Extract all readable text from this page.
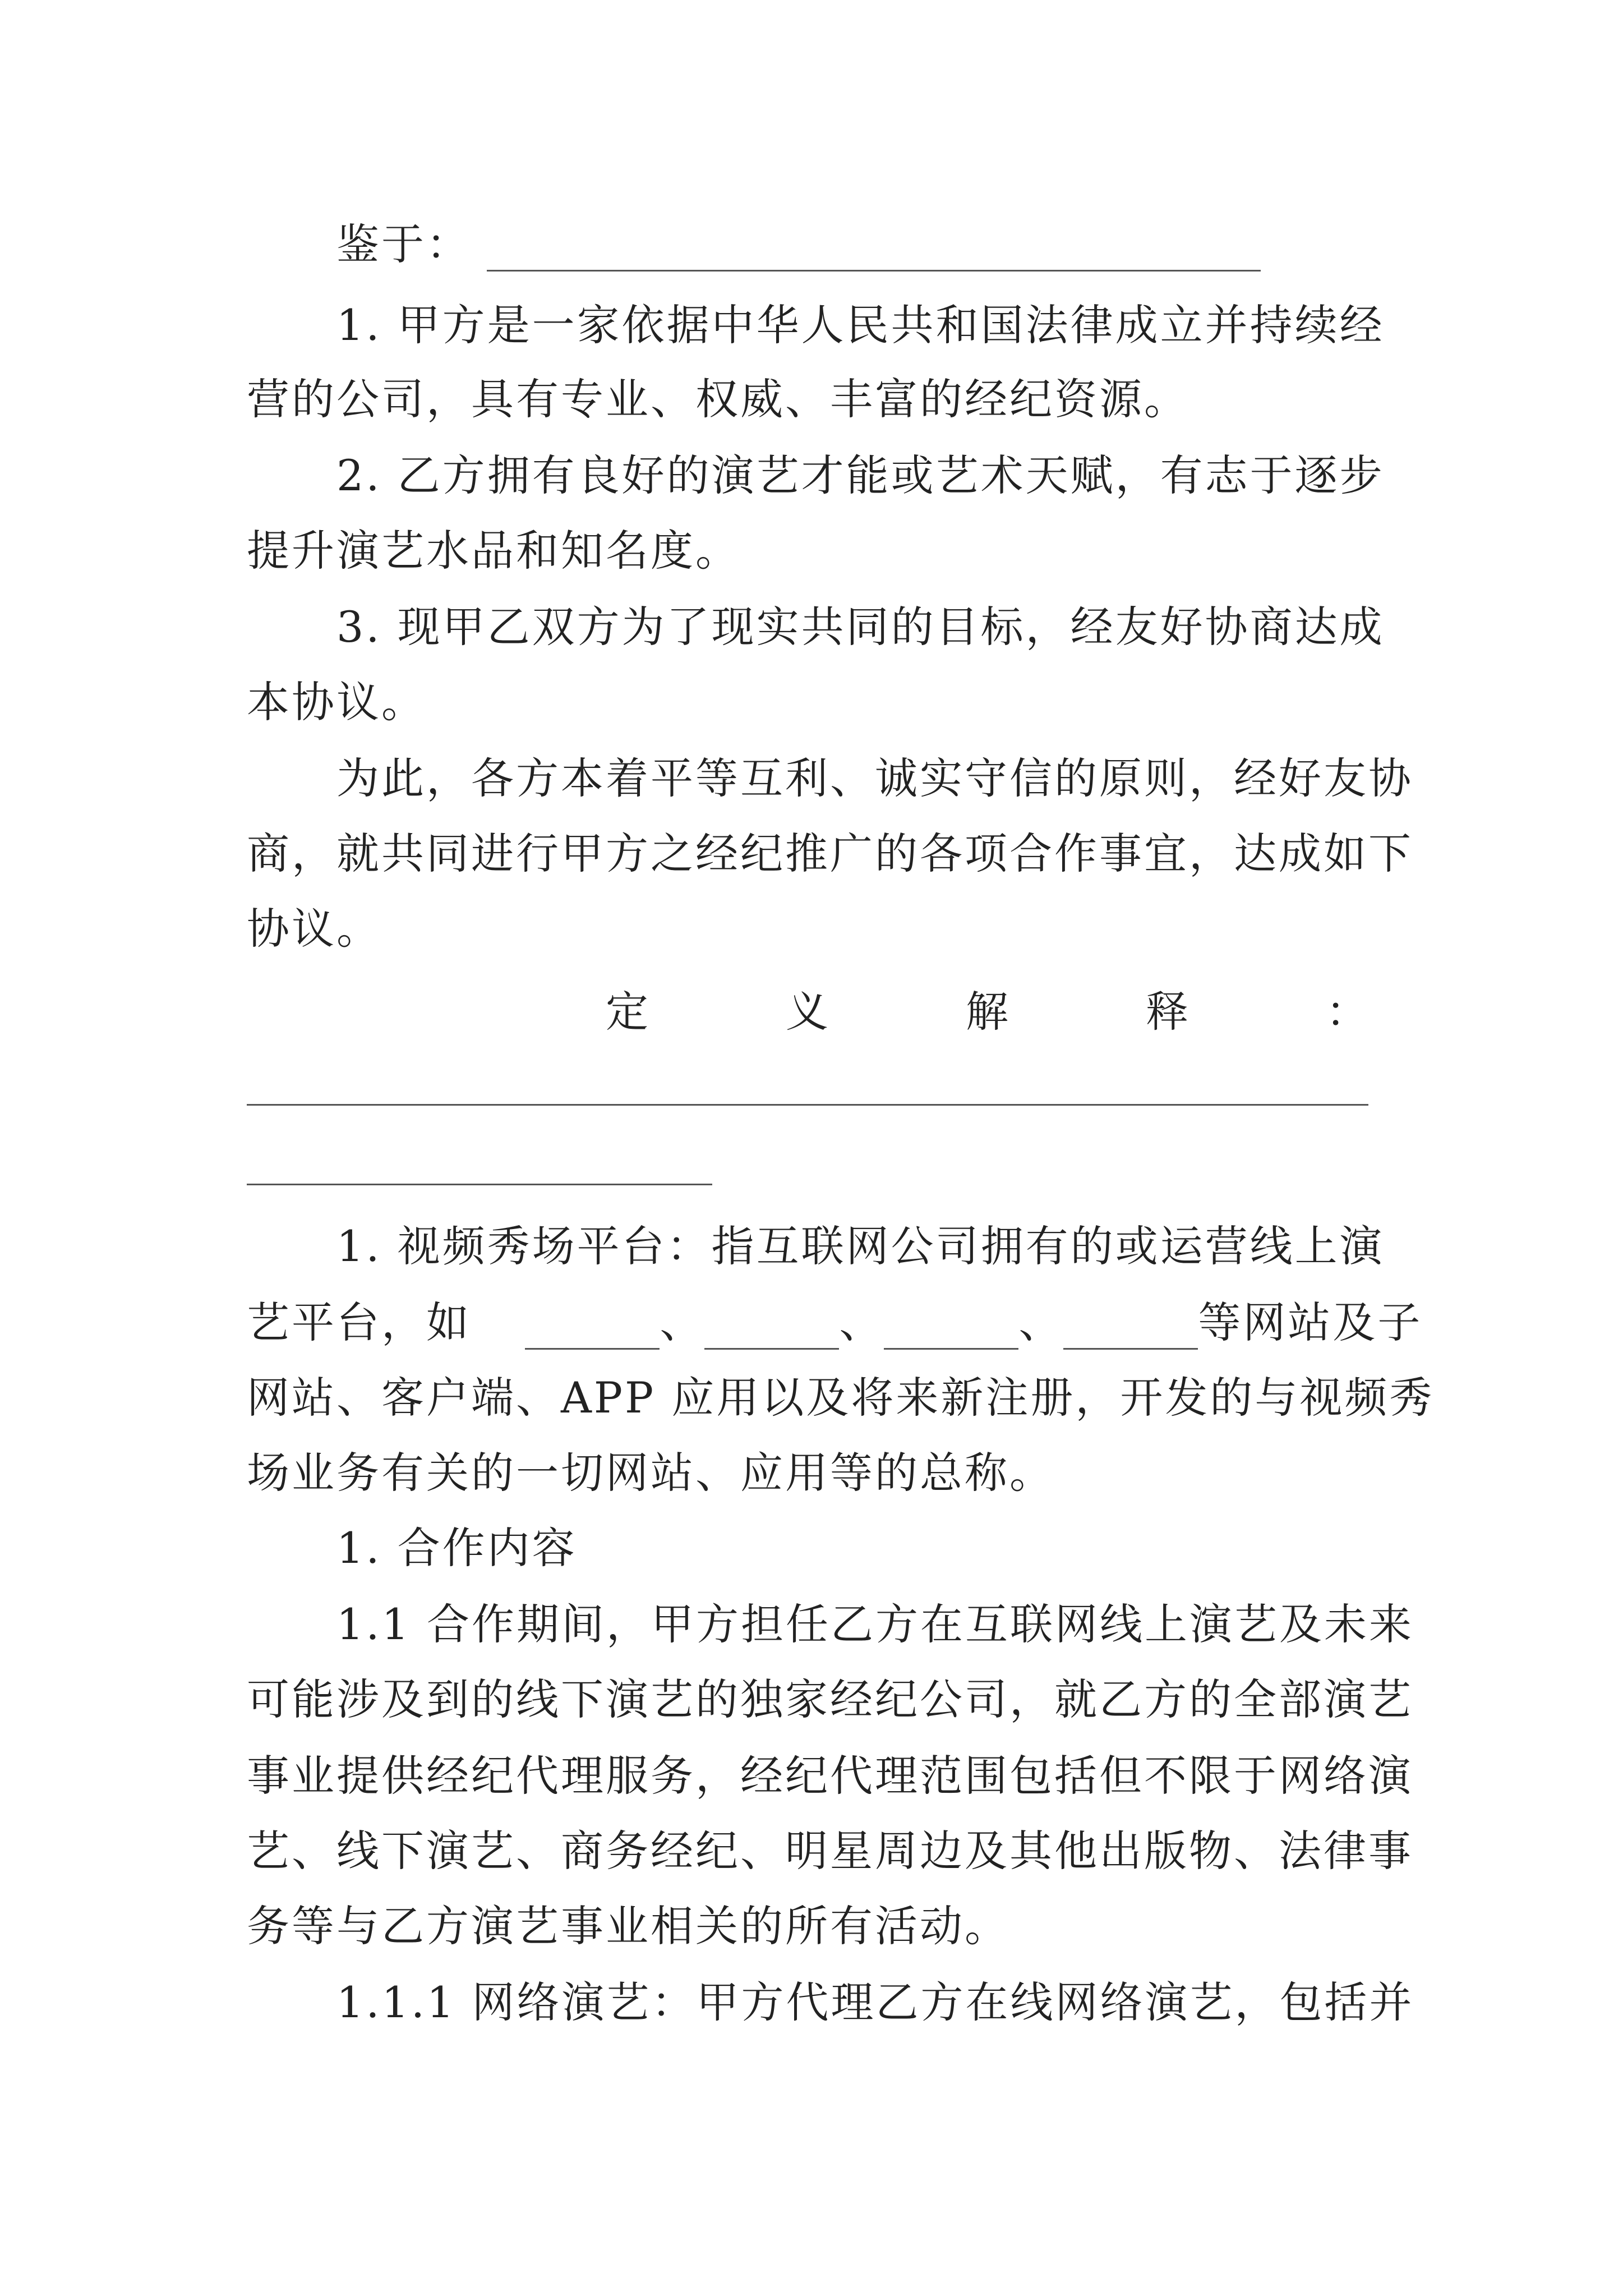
鉴于：
1. 甲方是一家依据中华人民共和国法律成立并持续经
营的公司，具有专业、权威、丰富的经纪资源。
2. 乙方拥有良好的演艺才能或艺术天赋，有志于逐步
提升演艺水品和知名度。
3. 现甲乙双方为了现实共同的目标，经友好协商达成
本协议。
为此，各方本着平等互利、诚实守信的原则，经好友协
商，就共同进行甲方之经纪推广的各项合作事宜，达成如下
协议。
定	义	解	释	：
1. 视频秀场平台：指互联网公司拥有的或运营线上演
艺平台，如	、	、	、	等网站及子
网站、客户端、APP 应用以及将来新注册，开发的与视频秀
场业务有关的一切网站、应用等的总称。
1. 合作内容
1.1 合作期间，甲方担任乙方在互联网线上演艺及未来
可能涉及到的线下演艺的独家经纪公司，就乙方的全部演艺
事业提供经纪代理服务，经纪代理范围包括但不限于网络演
艺、线下演艺、商务经纪、明星周边及其他出版物、法律事
务等与乙方演艺事业相关的所有活动。
1.1.1 网络演艺：甲方代理乙方在线网络演艺，包括并
